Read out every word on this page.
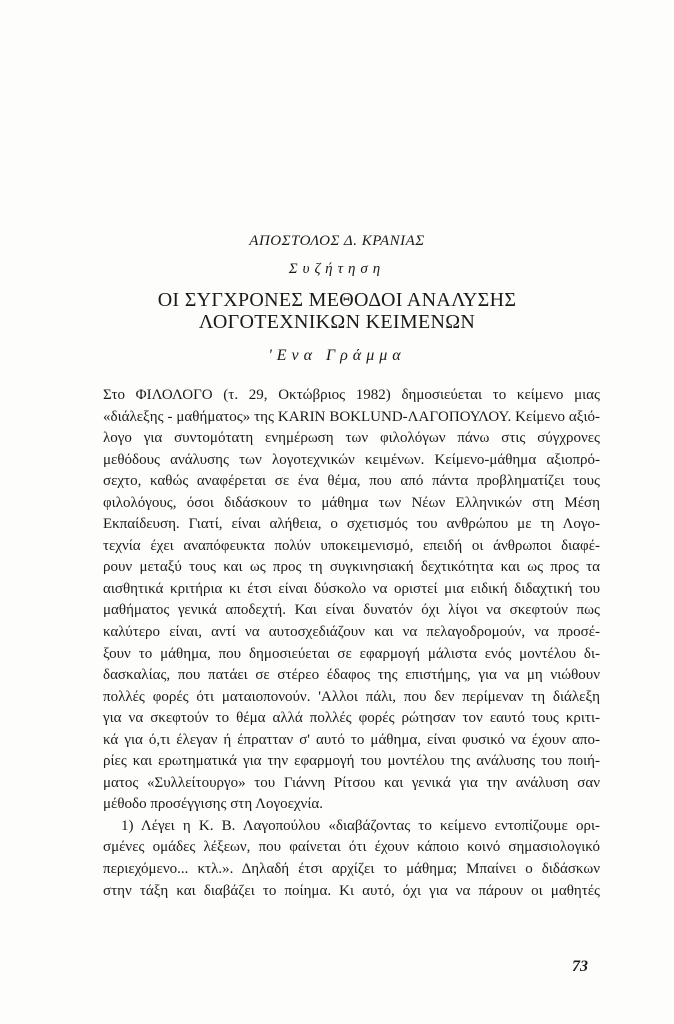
ΑΠΟΣΤΟΛΟΣ Δ. ΚΡΑΝΙΑΣ
Συζήτηση
ΟΙ ΣΥΓΧΡΟΝΕΣ ΜΕΘΟΔΟΙ ΑΝΑΛΥΣΗΣ
ΛΟΓΟΤΕΧΝΙΚΩΝ ΚΕΙΜΕΝΩΝ
'Ενα Γράμμα
Στο ΦΙΛΟΛΟΓΟ (τ. 29, Οκτώβριος 1982) δημοσιεύεται το κείμενο μιας
«διάλεξης - μαθήματος» της KARIN BOKLUND-ΛΑΓΟΠΟΥΛΟΥ. Κείμενο αξιό-
λογο για συντομότατη ενημέρωση των φιλολόγων πάνω στις σύγχρονες
μεθόδους ανάλυσης των λογοτεχνικών κειμένων. Κείμενο-μάθημα αξιοπρό-
σεχτο, καθώς αναφέρεται σε ένα θέμα, που από πάντα προβληματίζει τους
φιλολόγους, όσοι διδάσκουν το μάθημα των Νέων Ελληνικών στη Μέση
Εκπαίδευση. Γιατί, είναι αλήθεια, ο σχετισμός του ανθρώπου με τη Λογο-
τεχνία έχει αναπόφευκτα πολύν υποκειμενισμό, επειδή οι άνθρωποι διαφέ-
ρουν μεταξύ τους και ως προς τη συγκινησιακή δεχτικότητα και ως προς τα
αισθητικά κριτήρια κι έτσι είναι δύσκολο να οριστεί μια ειδική διδαχτική του
μαθήματος γενικά αποδεχτή. Και είναι δυνατόν όχι λίγοι να σκεφτούν πως
καλύτερο είναι, αντί να αυτοσχεδιάζουν και να πελαγοδρομούν, να προσέ-
ξουν το μάθημα, που δημοσιεύεται σε εφαρμογή μάλιστα ενός μοντέλου δι-
δασκαλίας, που πατάει σε στέρεο έδαφος της επιστήμης, για να μη νιώθουν
πολλές φορές ότι ματαιοπονούν. 'Αλλοι πάλι, που δεν περίμεναν τη διάλεξη
για να σκεφτούν το θέμα αλλά πολλές φορές ρώτησαν τον εαυτό τους κριτι-
κά για ό,τι έλεγαν ή έπρατταν σ' αυτό το μάθημα, είναι φυσικό να έχουν απο-
ρίες και ερωτηματικά για την εφαρμογή του μοντέλου της ανάλυσης του ποιή-
ματος «Συλλείτουργο» του Γιάννη Ρίτσου και γενικά για την ανάλυση σαν
μέθοδο προσέγγισης στη Λογοεχνία.
1) Λέγει η Κ. Β. Λαγοπούλου «διαβάζοντας το κείμενο εντοπίζουμε ορι-
σμένες ομάδες λέξεων, που φαίνεται ότι έχουν κάποιο κοινό σημασιολογικό
περιεχόμενο... κτλ.». Δηλαδή έτσι αρχίζει το μάθημα; Μπαίνει ο διδάσκων
στην τάξη και διαβάζει το ποίημα. Κι αυτό, όχι για να πάρουν οι μαθητές
73
